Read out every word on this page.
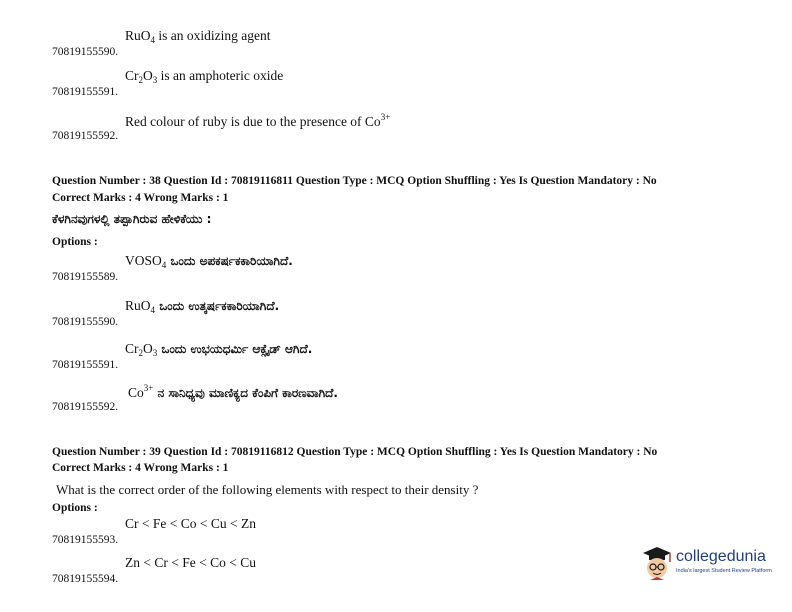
70819155590.
RuO$_4$ is an oxidizing agent
70819155591.
$Cr_2O_3$ is an amphoteric oxide
70819155592.
Red colour of ruby is due to the presence of $Co^{3+}$
Question Number : 38 Question Id : 70819116811 Question Type : MCQ Option Shuffling : Yes Is Question Mandatory : No
Correct Marks : 4 Wrong Marks : 1
ಕೆಳಗಿನವುಗಳಲ್ಲಿ ತಪ್ಪಾಗಿರುವ ಹೇಳಿಕೆಯು :
Options :
70819155589.
$VOSO_4$ ಒಂದು ಅಪಕರ್ಷಕಕಾರಿಯಾಗಿದೆ.
70819155590.
RuO$_4$ ಒಂದು ಉತ್ಕರ್ಷಕಕಾರಿಯಾಗಿದೆ.
70819155591.
$Cr_2O_3$ ಒಂದು ಉಭಯಧರ್ಮಿ ಆಕ್ಸೈಡ್ ಆಗಿದೆ.
70819155592.
$Co^{3+}$ ನ ಸಾನಿಧ್ಯವು ಮಾಣಿಕ್ಯದ ಕೆಂಪಿಗೆ ಕಾರಣವಾಗಿದೆ.
Question Number : 39 Question Id : 70819116812 Question Type : MCQ Option Shuffling : Yes Is Question Mandatory : No
Correct Marks : 4 Wrong Marks : 1
What is the correct order of the following elements with respect to their density ?
Options :
70819155593.
Cr < Fe < Co < Cu < Zn
70819155594.
Zn < Cr < Fe < Co < Cu	collegedunia
India's largest Student Review Platform
